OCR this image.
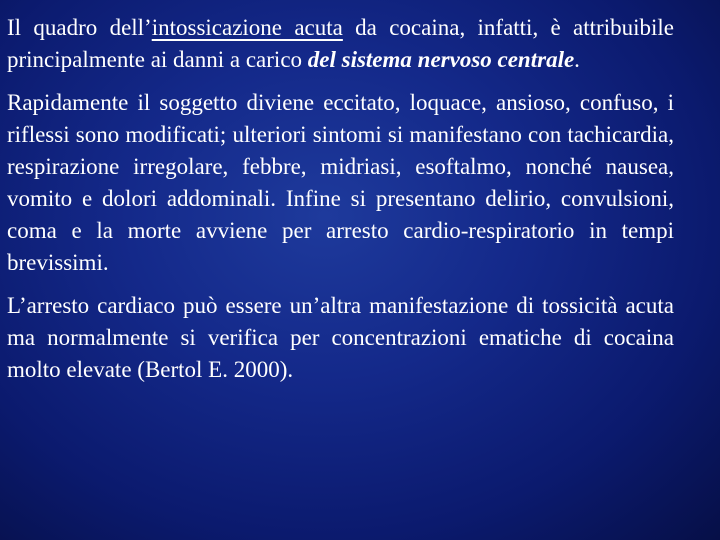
Il quadro dell’intossicazione acuta da cocaina, infatti, è attribuibile principalmente ai danni a carico del sistema nervoso centrale.

Rapidamente il soggetto diviene eccitato, loquace, ansioso, confuso, i riflessi sono modificati; ulteriori sintomi si manifestano con tachicardia, respirazione irregolare, febbre, midriasi, esoftalmo, nonché nausea, vomito e dolori addominali. Infine si presentano delirio, convulsioni, coma e la morte avviene per arresto cardio-respiratorio in tempi brevissimi.

L’arresto cardiaco può essere un’altra manifestazione di tossicità acuta ma normalmente si verifica per concentrazioni ematiche di cocaina molto elevate (Bertol E. 2000).
